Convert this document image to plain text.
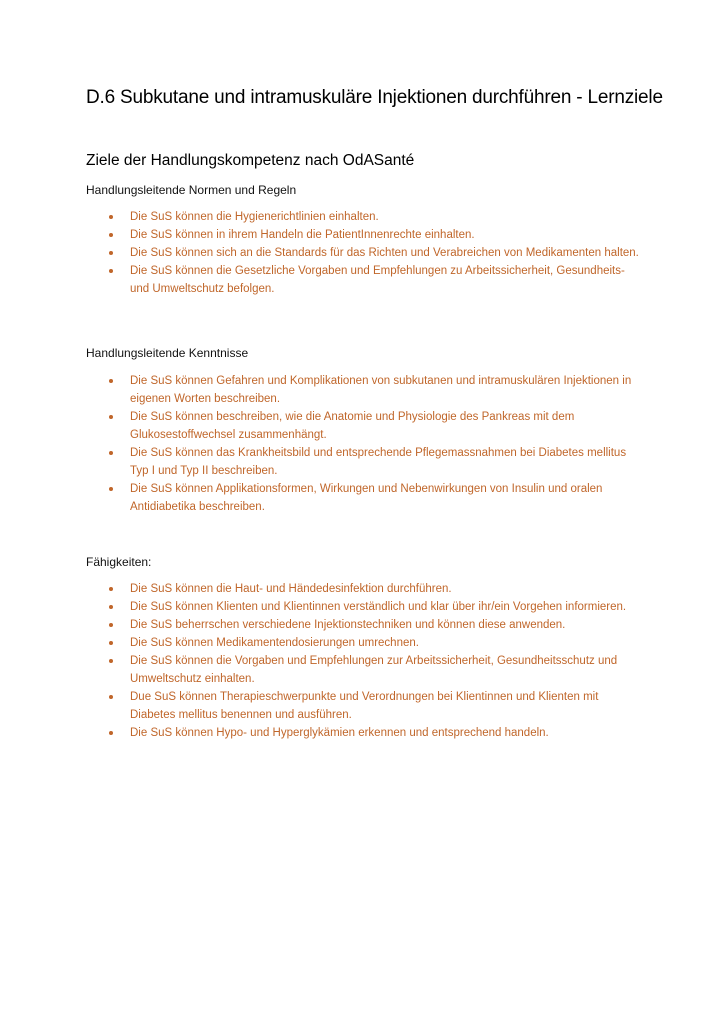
D.6 Subkutane und intramuskuläre Injektionen durchführen - Lernziele
Ziele der Handlungskompetenz nach OdASanté

Handlungsleitende Normen und Regeln

Die SuS können die Hygienerichtlinien einhalten.
Die SuS können in ihrem Handeln die PatientInnenrechte einhalten.
Die SuS können sich an die Standards für das Richten und Verabreichen von Medikamenten halten.
Die SuS können die Gesetzliche Vorgaben und Empfehlungen zu Arbeitssicherheit, Gesundheits- und Umweltschutz befolgen.

Handlungsleitende Kenntnisse

Die SuS können Gefahren und Komplikationen von subkutanen und intramuskulären Injektionen in eigenen Worten beschreiben.
Die SuS können beschreiben, wie die Anatomie und Physiologie des Pankreas mit dem Glukosestoffwechsel zusammenhängt.
Die SuS können das Krankheitsbild und entsprechende Pflegemassnahmen bei Diabetes mellitus Typ I und Typ II beschreiben.
Die SuS können Applikationsformen, Wirkungen und Nebenwirkungen von Insulin und oralen Antidiabetika beschreiben.

Fähigkeiten:

Die SuS können die Haut- und Händedesinfektion durchführen.
Die SuS können Klienten und Klientinnen verständlich und klar über ihr/ein Vorgehen informieren.
Die SuS beherrschen verschiedene Injektionstechniken und können diese anwenden.
Die SuS können Medikamentendosierungen umrechnen.
Die SuS können die Vorgaben und Empfehlungen zur Arbeitssicherheit, Gesundheitsschutz und Umweltschutz einhalten.
Due SuS können Therapieschwerpunkte und Verordnungen bei Klientinnen und Klienten mit Diabetes mellitus benennen und ausführen.
Die SuS können Hypo- und Hyperglykämien erkennen und entsprechend handeln.
